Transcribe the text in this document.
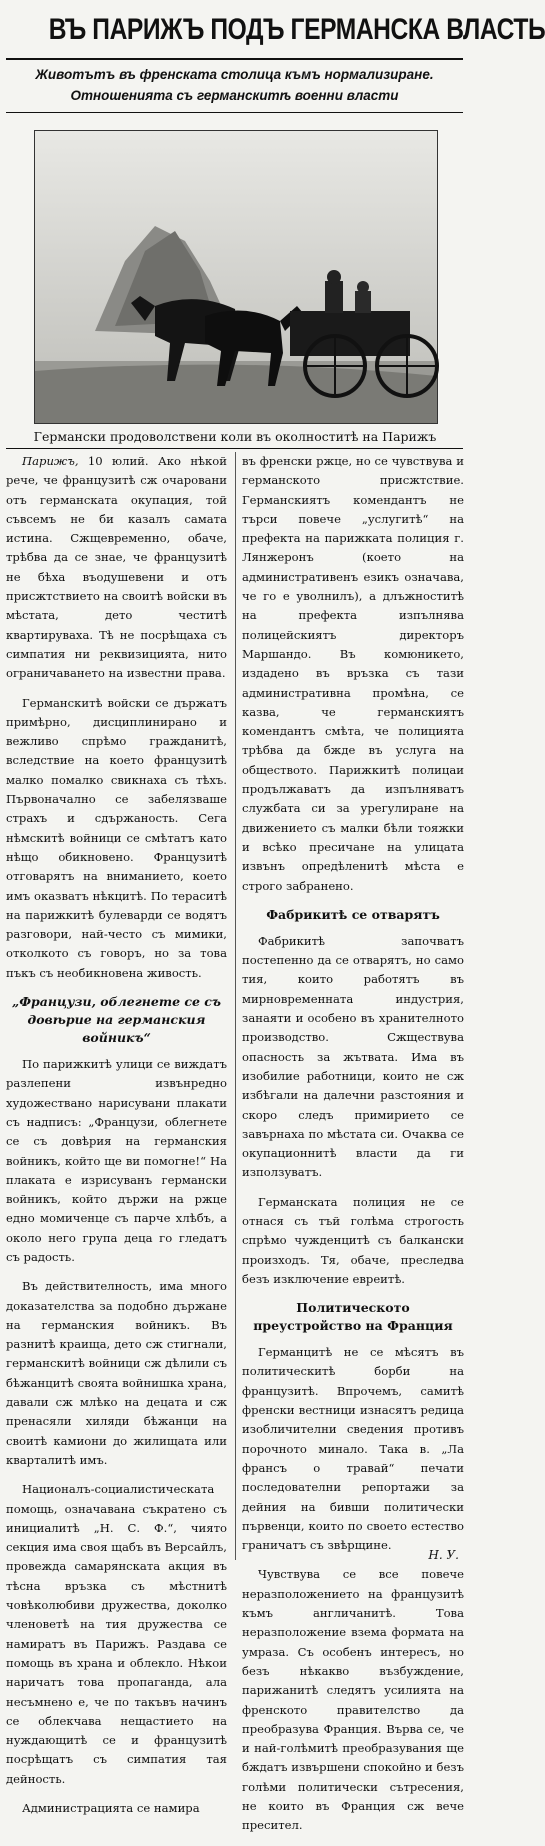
ВЪ ПАРИЖЪ ПОДЪ ГЕРМАНСКА ВЛАСТЬ
Животътъ въ френската столица къмъ нормализиране. Отношенията съ германскитѣ военни власти
Германски продоволствени коли въ околноститѣ на Парижъ

Парижъ, 10 юлий. Ако нѣкой рече, че французитѣ сж очаровани отъ германската окупация, той съвсемъ не би казалъ самата истина. Сжщевременно, обаче, трѣбва да се знае, че французитѣ не бѣха въодушевени и отъ присжтствието на своитѣ войски въ мѣстата, дето честитѣ квартируваха. Тѣ не посрѣщаха съ симпатия ни реквизицията, нито ограничаването на известни права.

Германскитѣ войски се държатъ примѣрно, дисциплинирано и вежливо спрѣмо гражданитѣ, вследствие на което французитѣ малко помалко свикнаха съ тѣхъ. Първоначално се забелязваше страхъ и сдържаность. Сега нѣмскитѣ войници се смѣтатъ като нѣщо обикновено. Французитѣ отговарятъ на вниманието, което имъ оказватъ нѣкцитѣ. По тераситѣ на парижкитѣ булеварди се водятъ разговори, най-често съ мимики, отколкото съ говоръ, но за това пъкъ съ необикновена живость.

„Французи, облегнете се съ довѣрие на германския войникъ“

По парижкитѣ улици се виждатъ разлепени извънредно художествано нарисувани плакати съ надписъ: „Французи, облегнете се съ довѣрия на германския войникъ, който ще ви помогне!“ На плаката е изрисуванъ германски войникъ, който държи на ржце едно момиченце съ парче хлѣбъ, а около него група деца го гледатъ съ радость.

Въ действителность, има много доказателства за подобно държане на германския войникъ. Въ разнитѣ краища, дето сж стигнали, германскитѣ войници сж дѣлили съ бѣжанцитѣ своята войнишка храна, давали сж млѣко на децата и сж пренасяли хиляди бѣжанци на своитѣ камиони до жилищата или кварталитѣ имъ.

Националъ-социалистическата помощь, означавана съкратено съ инициалитѣ „Н. С. Ф.“, чиято секция има своя щабъ въ Версайлъ, провежда самарянската акция въ тѣсна връзка съ мѣстнитѣ човѣколюбиви дружества, доколко членоветѣ на тия дружества се намиратъ въ Парижъ. Раздава се помощь въ храна и облекло. Нѣкои наричатъ това пропаганда, ала несъмнено е, че по такъвъ начинъ се облекчава нещастието на нуждающитѣ се и французитѣ посрѣщатъ съ симпатия тая дейность.

Администрацията се намира

въ френски ржце, но се чувствува и германското присжтствие. Германскиятъ комендантъ не търси повече „услугитѣ“ на префекта на парижката полиция г. Лянжеронъ (което на административенъ езикъ означава, че го е уволнилъ), а длъжноститѣ на префекта изпълнява полицейскиятъ директоръ Маршандо. Въ комюникето, издадено въ връзка съ тази административна промѣна, се казва, че германскиятъ комендантъ смѣта, че полицията трѣбва да бжде въ услуга на обществото. Парижкитѣ полицаи продължаватъ да изпълняватъ службата си за урегулиране на движението съ малки бѣли тояжки и всѣко пресичане на улицата извънъ опредѣленитѣ мѣста е строго забранено.

Фабрикитѣ се отварятъ

Фабрикитѣ започватъ постепенно да се отварятъ, но само тия, които работятъ въ мирновременната индустрия, занаяти и особено въ хранителното производство. Сжществува опасность за жътвата. Има въ изобилие работници, които не сж избѣгали на далечни разстояния и скоро следъ примирието се завърнаха по мѣстата си. Очаква се окупационнитѣ власти да ги използуватъ.

Германската полиция не се отнася съ тъй голѣма строгость спрѣмо чужденцитѣ съ балкански произходъ. Тя, обаче, преследва безъ изключение евреитѣ.

Политическото преустройство на Франция

Германцитѣ не се мѣсятъ въ политическитѣ борби на французитѣ. Впрочемъ, самитѣ френски вестници изнасятъ редица изобличителни сведения противъ порочното минало. Така в. „Ла франсъ о травай“ печати последователни репортажи за дейния на бивши политически първенци, които по своето естество граничатъ съ звѣрщине.

Чувствува се все повече неразположението на французитѣ къмъ англичанитѣ. Това неразположение взема формата на умраза. Съ особенъ интересъ, но безъ нѣкакво възбуждение, парижанитѣ следятъ усилията на френското правителство да преобразува Франция. Върва се, че и най-голѣмитѣ преобразувания ще бждатъ извършени спокойно и безъ голѣми политически сътресения, не които въ Франция сж вече пресител.

Н. У.
